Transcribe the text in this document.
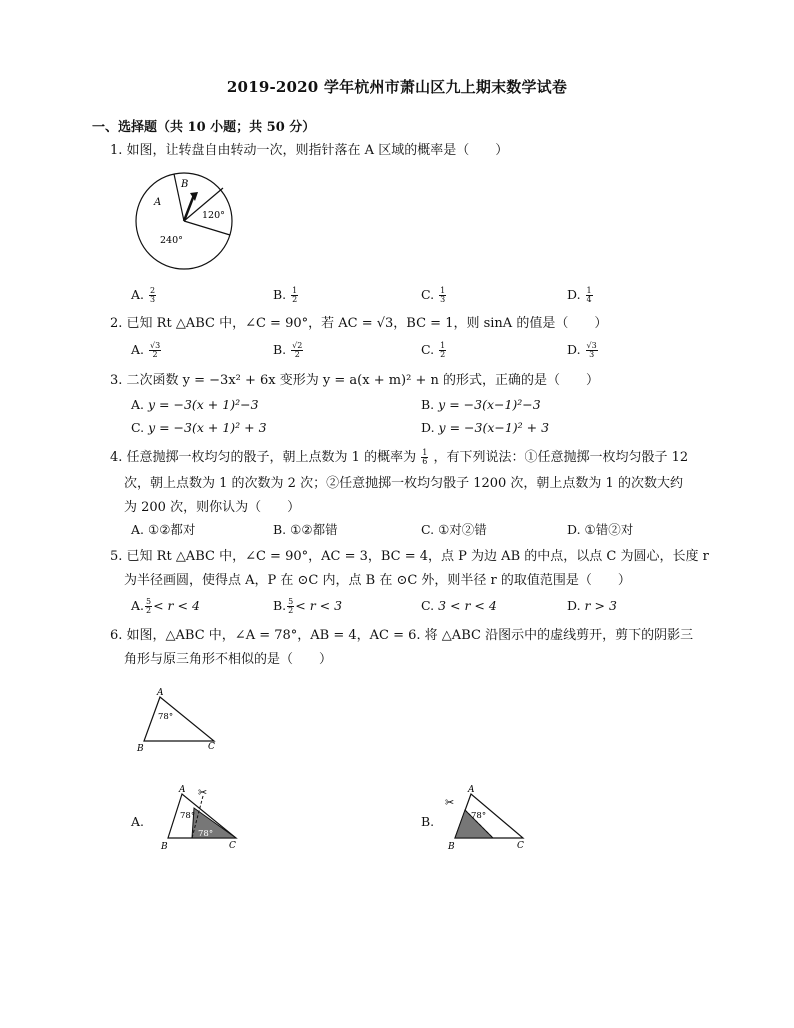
2019-2020 学年杭州市萧山区九上期末数学试卷
一、选择题（共 10 小题；共 50 分）
1. 如图，让转盘自由转动一次，则指针落在 A 区域的概率是（　　）
A
B
120°
240°
A. $\frac{2}{3}$	B. $\frac{1}{2}$	C. $\frac{1}{3}$	D. $\frac{1}{4}$
2. 已知 Rt △ABC 中，∠C = 90°，若 AC = √3，BC = 1，则 sinA 的值是（　　）
A. $\frac{√3}{2}$	B. $\frac{√2}{2}$	C. $\frac{1}{2}$	D. $\frac{√3}{3}$
3. 二次函数 y = −3x² + 6x 变形为 y = a(x + m)² + n 的形式，正确的是（　　）
A. y = −3(x + 1)²−3	B. y = −3(x−1)²−3
C. y = −3(x + 1)² + 3	D. y = −3(x−1)² + 3
4. 任意抛掷一枚均匀的骰子，朝上点数为 1 的概率为 $\frac{1}{6}$ ，有下列说法：①任意抛掷一枚均匀骰子 12
次，朝上点数为 1 的次数为 2 次；②任意抛掷一枚均匀骰子 1200 次，朝上点数为 1 的次数大约
为 200 次，则你认为（　　）
A. ①②都对	B. ①②都错	C. ①对②错	D. ①错②对
5. 已知 Rt △ABC 中，∠C = 90°，AC = 3，BC = 4，点 P 为边 AB 的中点，以点 C 为圆心，长度 r
为半径画圆，使得点 A，P 在 ⊙C 内，点 B 在 ⊙C 外，则半径 r 的取值范围是（　　）
A. $\frac{5}{2} < r < 4$	B. $\frac{5}{2} < r < 3$	C. 3 < r < 4	D. r > 3
6. 如图，△ABC 中，∠A = 78°，AB = 4，AC = 6. 将 △ABC 沿图示中的虚线剪开，剪下的阴影三
角形与原三角形不相似的是（　　）
A
B	C
78°
A.
✂
A
B	C
78°
78°
B.
✂
A
B	C
78°
